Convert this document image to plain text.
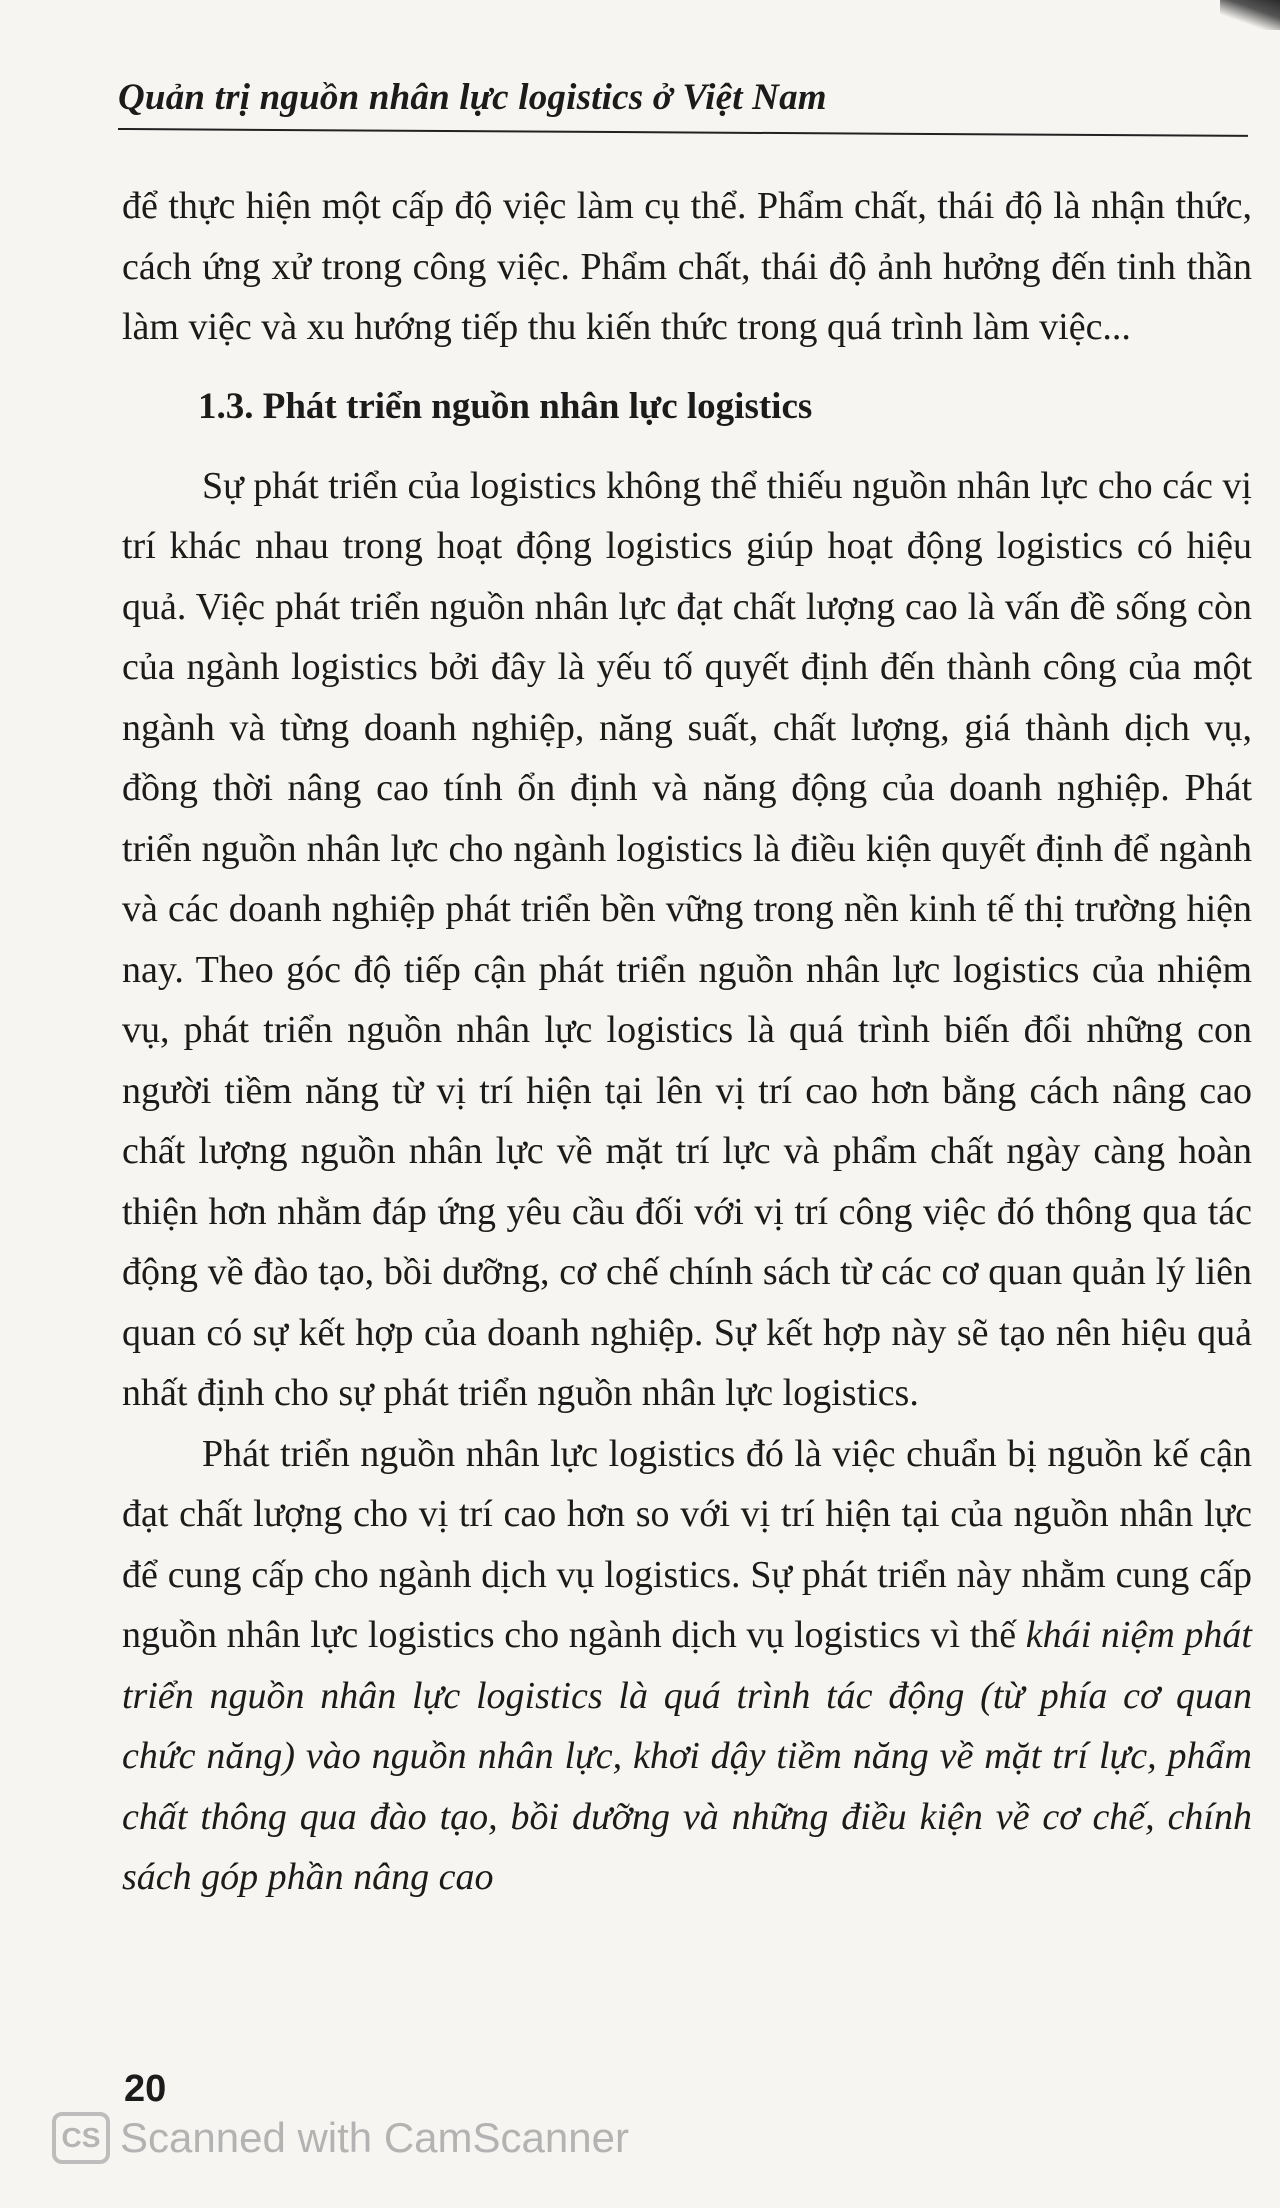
Quản trị nguồn nhân lực logistics ở Việt Nam

để thực hiện một cấp độ việc làm cụ thể. Phẩm chất, thái độ là nhận thức, cách ứng xử trong công việc. Phẩm chất, thái độ ảnh hưởng đến tinh thần làm việc và xu hướng tiếp thu kiến thức trong quá trình làm việc...

1.3. Phát triển nguồn nhân lực logistics

Sự phát triển của logistics không thể thiếu nguồn nhân lực cho các vị trí khác nhau trong hoạt động logistics giúp hoạt động logistics có hiệu quả. Việc phát triển nguồn nhân lực đạt chất lượng cao là vấn đề sống còn của ngành logistics bởi đây là yếu tố quyết định đến thành công của một ngành và từng doanh nghiệp, năng suất, chất lượng, giá thành dịch vụ, đồng thời nâng cao tính ổn định và năng động của doanh nghiệp. Phát triển nguồn nhân lực cho ngành logistics là điều kiện quyết định để ngành và các doanh nghiệp phát triển bền vững trong nền kinh tế thị trường hiện nay. Theo góc độ tiếp cận phát triển nguồn nhân lực logistics của nhiệm vụ, phát triển nguồn nhân lực logistics là quá trình biến đổi những con người tiềm năng từ vị trí hiện tại lên vị trí cao hơn bằng cách nâng cao chất lượng nguồn nhân lực về mặt trí lực và phẩm chất ngày càng hoàn thiện hơn nhằm đáp ứng yêu cầu đối với vị trí công việc đó thông qua tác động về đào tạo, bồi dưỡng, cơ chế chính sách từ các cơ quan quản lý liên quan có sự kết hợp của doanh nghiệp. Sự kết hợp này sẽ tạo nên hiệu quả nhất định cho sự phát triển nguồn nhân lực logistics.

Phát triển nguồn nhân lực logistics đó là việc chuẩn bị nguồn kế cận đạt chất lượng cho vị trí cao hơn so với vị trí hiện tại của nguồn nhân lực để cung cấp cho ngành dịch vụ logistics. Sự phát triển này nhằm cung cấp nguồn nhân lực logistics cho ngành dịch vụ logistics vì thế khái niệm phát triển nguồn nhân lực logistics là quá trình tác động (từ phía cơ quan chức năng) vào nguồn nhân lực, khơi dậy tiềm năng về mặt trí lực, phẩm chất thông qua đào tạo, bồi dưỡng và những điều kiện về cơ chế, chính sách góp phần nâng cao

20
CS Scanned with CamScanner
